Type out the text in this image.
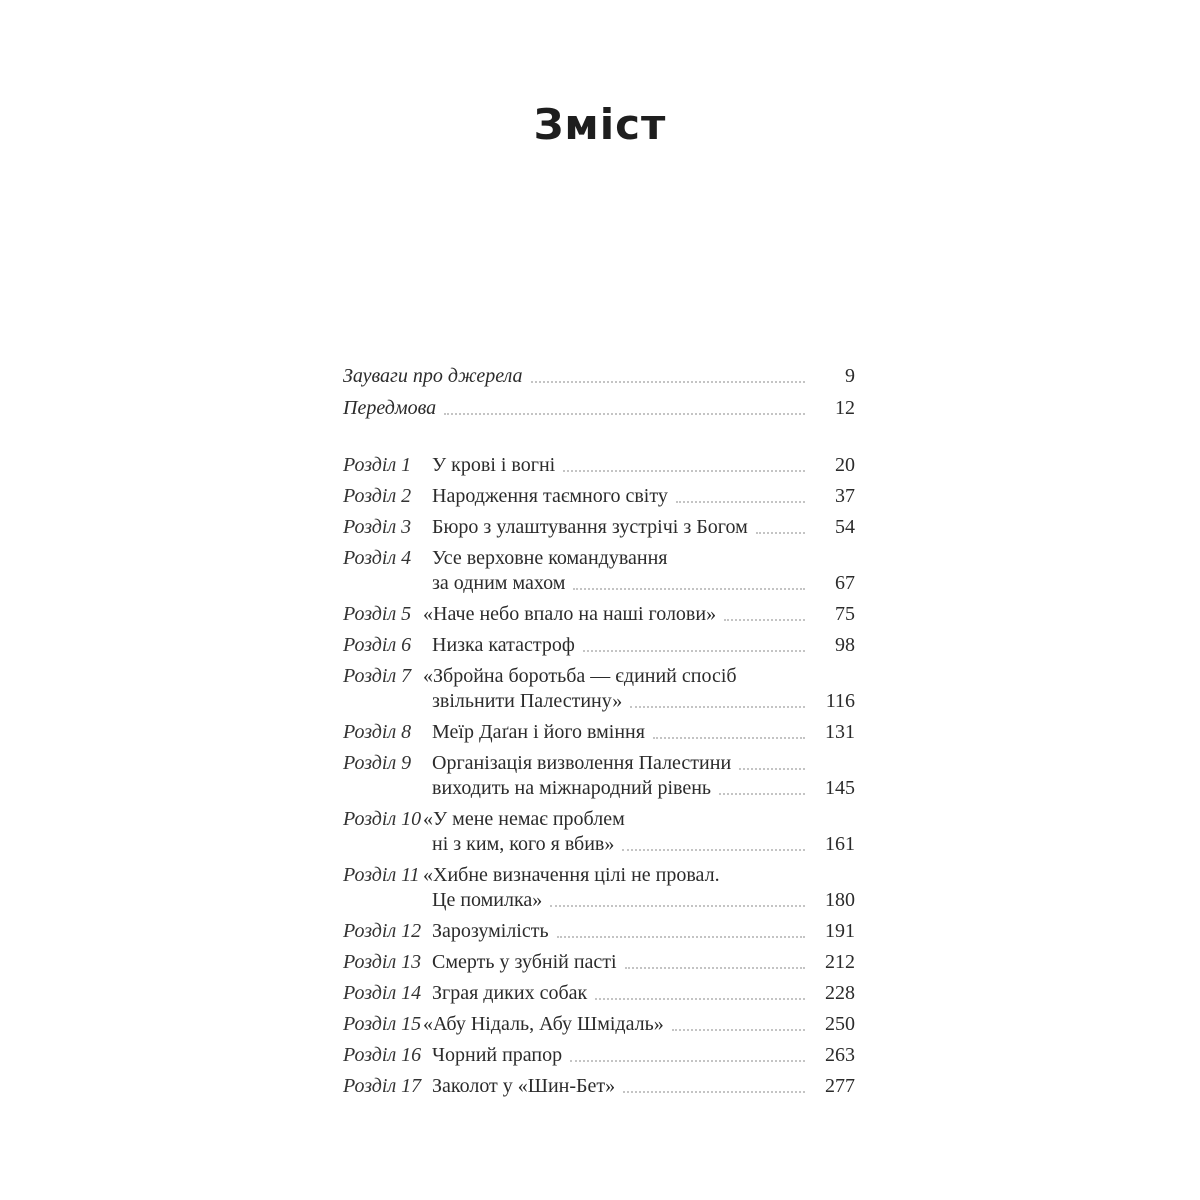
Зміст
Зауваги про джерела	9
Передмова	12
Розділ 1	У крові і вогні	20
Розділ 2	Народження таємного світу	37
Розділ 3	Бюро з улаштування зустрічі з Богом	54
Розділ 4	Усе верховне командування
за одним махом	67
Розділ 5 «Наче небо впало на наші голови»	75
Розділ 6	Низка катастроф	98
Розділ 7 «Збройна боротьба — єдиний спосіб
звільнити Палестину»	116
Розділ 8	Меїр Даґан і його вміння	131
Розділ 9	Організація визволення Палестини
виходить на міжнародний рівень	145
Розділ 10 «У мене немає проблем
ні з ким, кого я вбив»	161
Розділ 11 «Хибне визначення цілі не провал.
Це помилка»	180
Розділ 12 Зарозумілість	191
Розділ 13 Смерть у зубній пасті	212
Розділ 14 Зграя диких собак	228
Розділ 15 «Абу Нідаль, Абу Шмідаль»	250
Розділ 16 Чорний прапор	263
Розділ 17 Заколот у «Шин-Бет»	277
